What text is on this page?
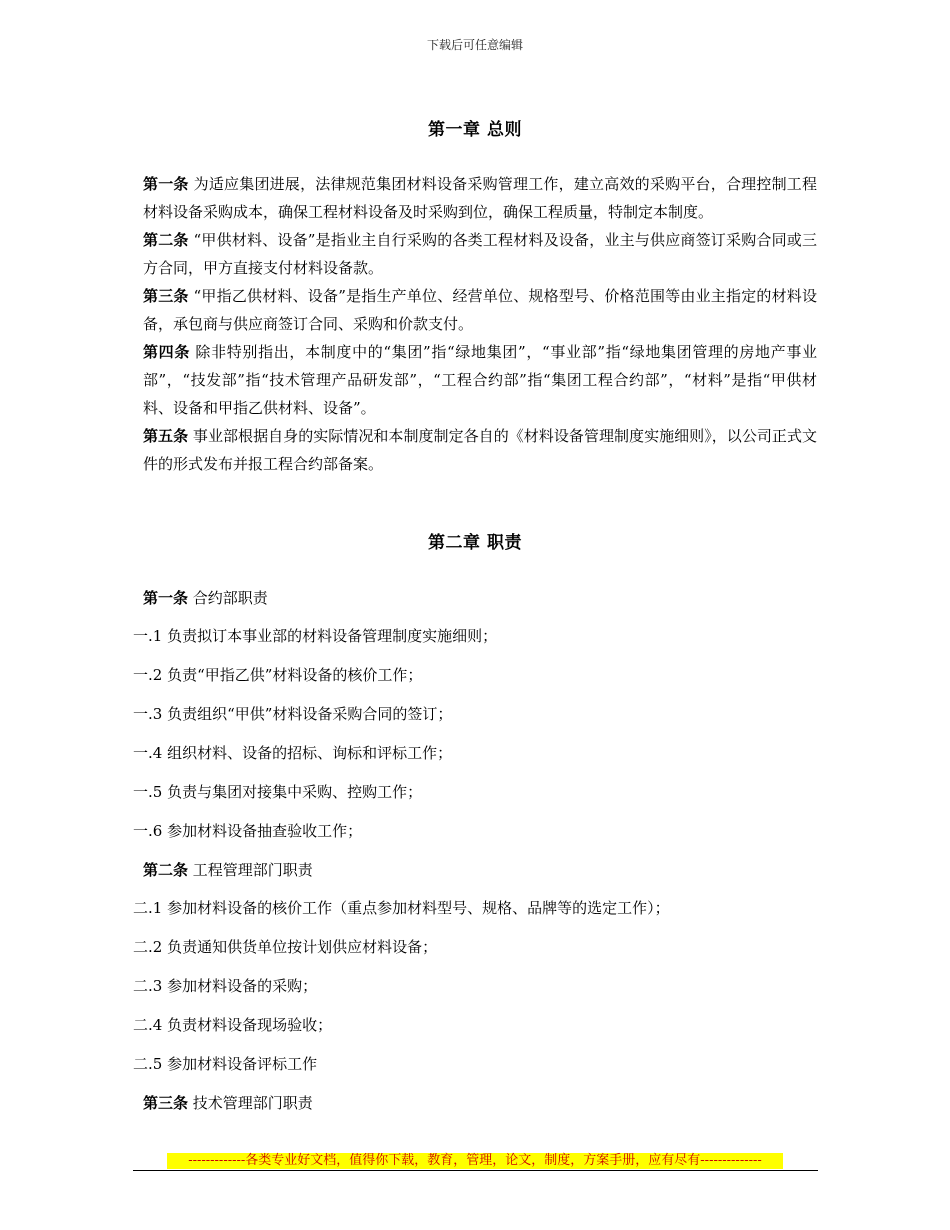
下载后可任意编辑
第一章 总则
第一条 为适应集团进展，法律规范集团材料设备采购管理工作，建立高效的采购平台，合理控制工程材料设备采购成本，确保工程材料设备及时采购到位，确保工程质量，特制定本制度。
第二条 “甲供材料、设备”是指业主自行采购的各类工程材料及设备，业主与供应商签订采购合同或三方合同，甲方直接支付材料设备款。
第三条 “甲指乙供材料、设备”是指生产单位、经营单位、规格型号、价格范围等由业主指定的材料设备，承包商与供应商签订合同、采购和价款支付。
第四条 除非特别指出，本制度中的“集团”指“绿地集团”，“事业部”指“绿地集团管理的房地产事业部”，“技发部”指“技术管理产品研发部”，“工程合约部”指“集团工程合约部”，“材料”是指“甲供材料、设备和甲指乙供材料、设备”。
第五条 事业部根据自身的实际情况和本制度制定各自的《材料设备管理制度实施细则》，以公司正式文件的形式发布并报工程合约部备案。
第二章 职责
第一条 合约部职责
一.1 负责拟订本事业部的材料设备管理制度实施细则；
一.2 负责“甲指乙供”材料设备的核价工作；
一.3 负责组织“甲供”材料设备采购合同的签订；
一.4 组织材料、设备的招标、询标和评标工作；
一.5 负责与集团对接集中采购、控购工作；
一.6 参加材料设备抽查验收工作；
第二条 工程管理部门职责
二.1 参加材料设备的核价工作（重点参加材料型号、规格、品牌等的选定工作）；
二.2 负责通知供货单位按计划供应材料设备；
二.3 参加材料设备的采购；
二.4 负责材料设备现场验收；
二.5 参加材料设备评标工作
第三条 技术管理部门职责
-------------各类专业好文档，值得你下载，教育，管理，论文，制度，方案手册，应有尽有--------------
